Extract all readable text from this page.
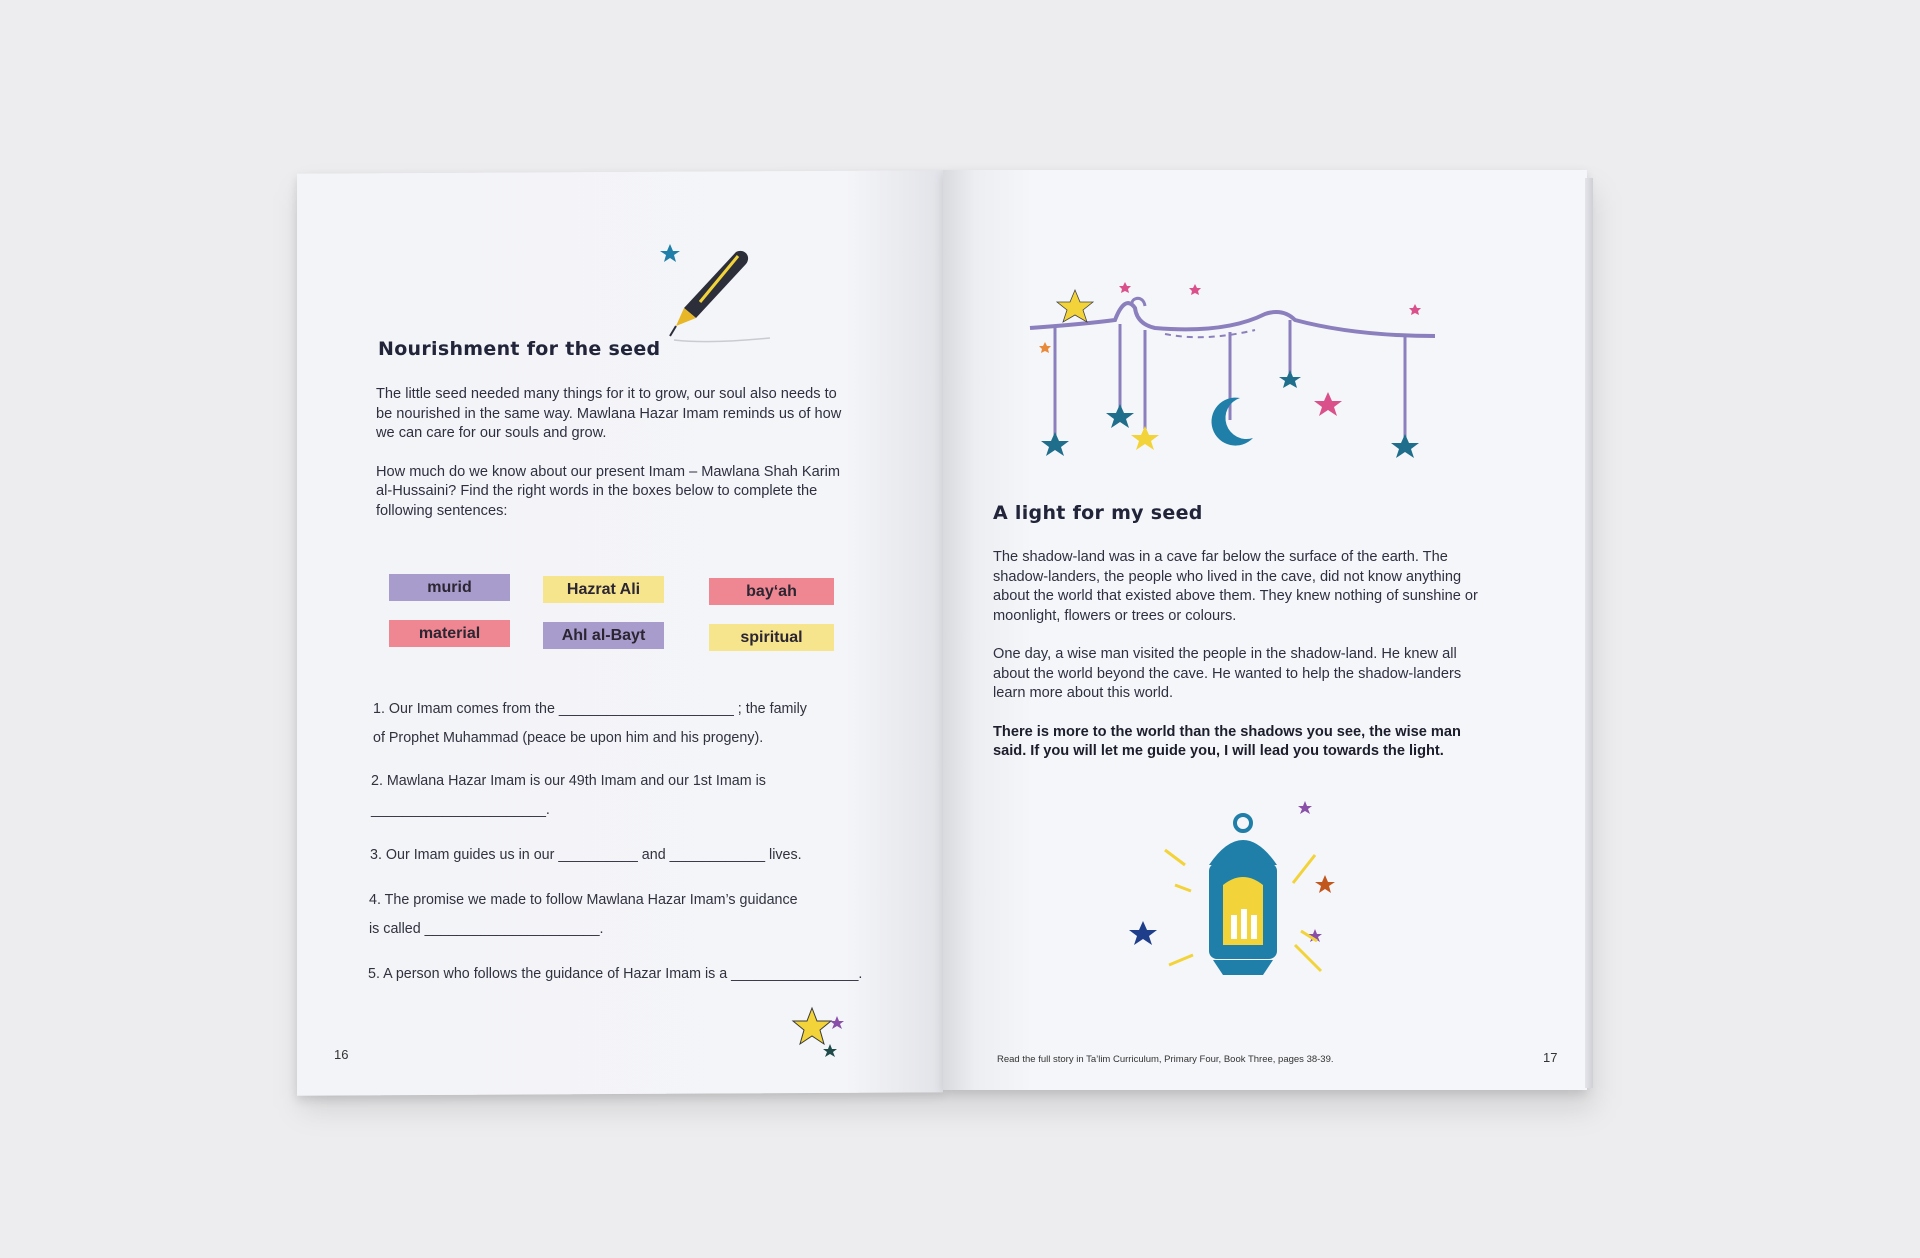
Nourishment for the seed

The little seed needed many things for it to grow, our soul also needs to be nourished in the same way. Mawlana Hazar Imam reminds us of how we can care for our souls and grow.

How much do we know about our present Imam – Mawlana Shah Karim al-Hussaini? Find the right words in the boxes below to complete the following sentences:

murid	Hazrat Ali	bay‘ah
material	Ahl al-Bayt	spiritual
1. Our Imam comes from the ______________________ ; the family
of Prophet Muhammad (peace be upon him and his progeny).
2. Mawlana Hazar Imam is our 49th Imam and our 1st Imam is
______________________.
3. Our Imam guides us in our __________ and ____________ lives.
4. The promise we made to follow Mawlana Hazar Imam’s guidance
is called ______________________.
5. A person who follows the guidance of Hazar Imam is a ________________.
16
A light for my seed

The shadow-land was in a cave far below the surface of the earth. The shadow-landers, the people who lived in the cave, did not know anything about the world that existed above them. They knew nothing of sunshine or moonlight, flowers or trees or colours.

One day, a wise man visited the people in the shadow-land. He knew all about the world beyond the cave. He wanted to help the shadow-landers learn more about this world.

There is more to the world than the shadows you see, the wise man said. If you will let me guide you, I will lead you towards the light.

Read the full story in Ta’lim Curriculum, Primary Four, Book Three, pages 38-39.	17
